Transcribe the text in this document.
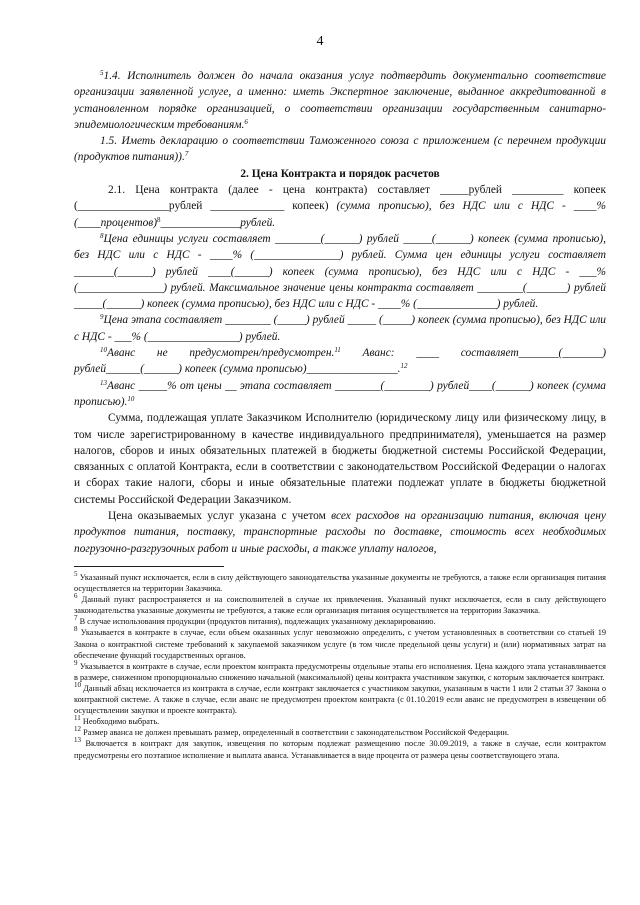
4

$^5$1.4. Исполнитель должен до начала оказания услуг подтвердить документально соответствие организации заявленной услуге, а именно: иметь Экспертное заключение, выданное аккредитованной в установленном порядке организацией, о соответствии организации государственным санитарно-эпидемиологическим требованиям.$^6$

1.5. Иметь декларацию о соответствии Таможенного союза с приложением (с перечнем продукции (продуктов питания)).$^7$

2. Цена Контракта и порядок расчетов

2.1. Цена контракта (далее - цена контракта) составляет _____рублей _________ копеек (________________рублей _____________ копеек) (сумма прописью), без НДС или с НДС - ____% (____процентов)$^8$______________рублей.

$^8$Цена единицы услуги составляет ________(______) рублей _____(______) копеек (сумма прописью), без НДС или с НДС - ____% (_______________) рублей. Сумма цен единицы услуги составляет _______(______) рублей ____(______) копеек (сумма прописью), без НДС или с НДС - ___% (_______________) рублей. Максимальное значение цены контракта составляет ________(_______) рублей _____(______) копеек (сумма прописью), без НДС или с НДС - ____% (______________) рублей.

$^9$Цена этапа составляет ________ (_____) рублей _____ (_____) копеек (сумма прописью), без НДС или с НДС - ___% (________________) рублей.

$^{10}$Аванс не предусмотрен/предусмотрен.$^{11}$ Аванс: ____ составляет_______(_______) рублей______(______) копеек (сумма прописью)________________.$^{12}$

$^{13}$Аванс _____% от цены __ этапа составляет ________(________) рублей____(______) копеек (сумма прописью).$^{10}$

Сумма, подлежащая уплате Заказчиком Исполнителю (юридическому лицу или физическому лицу, в том числе зарегистрированному в качестве индивидуального предпринимателя), уменьшается на размер налогов, сборов и иных обязательных платежей в бюджеты бюджетной системы Российской Федерации, связанных с оплатой Контракта, если в соответствии с законодательством Российской Федерации о налогах и сборах такие налоги, сборы и иные обязательные платежи подлежат уплате в бюджеты бюджетной системы Российской Федерации Заказчиком.

Цена оказываемых услуг указана с учетом всех расходов на организацию питания, включая цену продуктов питания, поставку, транспортные расходы по доставке, стоимость всех необходимых погрузочно-разгрузочных работ и иные расходы, а также уплату налогов,

$^5$ Указанный пункт исключается, если в силу действующего законодательства указанные документы не требуются, а также если организация питания осуществляется на территории Заказчика.

$^6$ Данный пункт распространяется и на соисполнителей в случае их привлечения. Указанный пункт исключается, если в силу действующего законодательства указанные документы не требуются, а также если организация питания осуществляется на территории Заказчика.

$^7$ В случае использования продукции (продуктов питания), подлежащих указанному декларированию.

$^8$ Указывается в контракте в случае, если объем оказанных услуг невозможно определить, с учетом установленных в соответствии со статьей 19 Закона о контрактной системе требований к закупаемой заказчиком услуге (в том числе предельной цены услуги) и (или) нормативных затрат на обеспечение функций государственных органов.

$^9$ Указывается в контракте в случае, если проектом контракта предусмотрены отдельные этапы его исполнения. Цена каждого этапа устанавливается в размере, сниженном пропорционально снижению начальной (максимальной) цены контракта участником закупки, с которым заключается контракт.

$^{10}$ Данный абзац исключается из контракта в случае, если контракт заключается с участником закупки, указанным в части 1 или 2 статьи 37 Закона о контрактной системе. А также в случае, если аванс не предусмотрен проектом контракта (с 01.10.2019 если аванс не предусмотрен в извещении об осуществлении закупки и проекте контракта).

$^{11}$ Необходимо выбрать.

$^{12}$ Размер аванса не должен превышать размер, определенный в соответствии с законодательством Российской Федерации.

$^{13}$ Включается в контракт для закупок, извещения по которым подлежат размещению после 30.09.2019, а также в случае, если контрактом предусмотрены его поэтапное исполнение и выплата аванса. Устанавливается в виде процента от размера цены соответствующего этапа.
